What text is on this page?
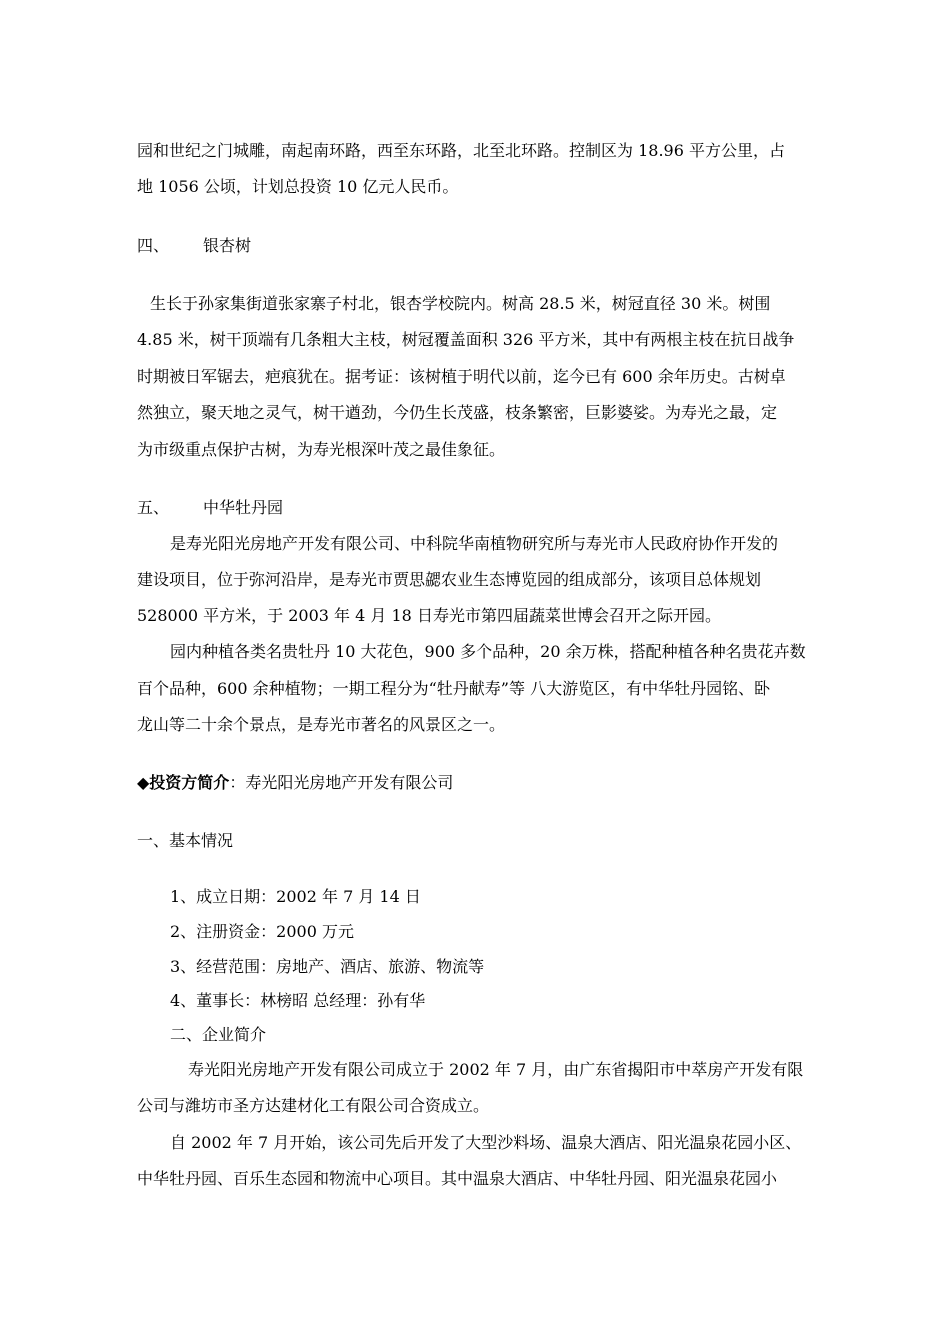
园和世纪之门城雕，南起南环路，西至东环路，北至北环路。控制区为 18.96 平方公里，占
地 1056 公顷，计划总投资 10 亿元人民币。
四、 银杏树
生长于孙家集街道张家寨子村北，银杏学校院内。树高 28.5 米，树冠直径 30 米。树围
4.85 米，树干顶端有几条粗大主枝，树冠覆盖面积 326 平方米，其中有两根主枝在抗日战争
时期被日军锯去，疤痕犹在。据考证：该树植于明代以前，迄今已有 600 余年历史。古树卓
然独立，聚天地之灵气，树干遒劲，今仍生长茂盛，枝条繁密，巨影婆娑。为寿光之最，定
为市级重点保护古树，为寿光根深叶茂之最佳象征。
五、 中华牡丹园
是寿光阳光房地产开发有限公司、中科院华南植物研究所与寿光市人民政府协作开发的
建设项目，位于弥河沿岸，是寿光市贾思勰农业生态博览园的组成部分，该项目总体规划
528000 平方米，于 2003 年 4 月 18 日寿光市第四届蔬菜世博会召开之际开园。
园内种植各类名贵牡丹 10 大花色，900 多个品种，20 余万株，搭配种植各种名贵花卉数
百个品种，600 余种植物；一期工程分为“牡丹献寿”等 八大游览区，有中华牡丹园铭、卧
龙山等二十余个景点，是寿光市著名的风景区之一。
◆投资方简介：寿光阳光房地产开发有限公司
一、基本情况
1、成立日期：2002 年 7 月 14 日
2、注册资金：2000 万元
3、经营范围：房地产、酒店、旅游、物流等
4、董事长：林榜昭 总经理：孙有华
二、企业简介
寿光阳光房地产开发有限公司成立于 2002 年 7 月，由广东省揭阳市中萃房产开发有限
公司与潍坊市圣方达建材化工有限公司合资成立。
自 2002 年 7 月开始，该公司先后开发了大型沙料场、温泉大酒店、阳光温泉花园小区、
中华牡丹园、百乐生态园和物流中心项目。其中温泉大酒店、中华牡丹园、阳光温泉花园小
